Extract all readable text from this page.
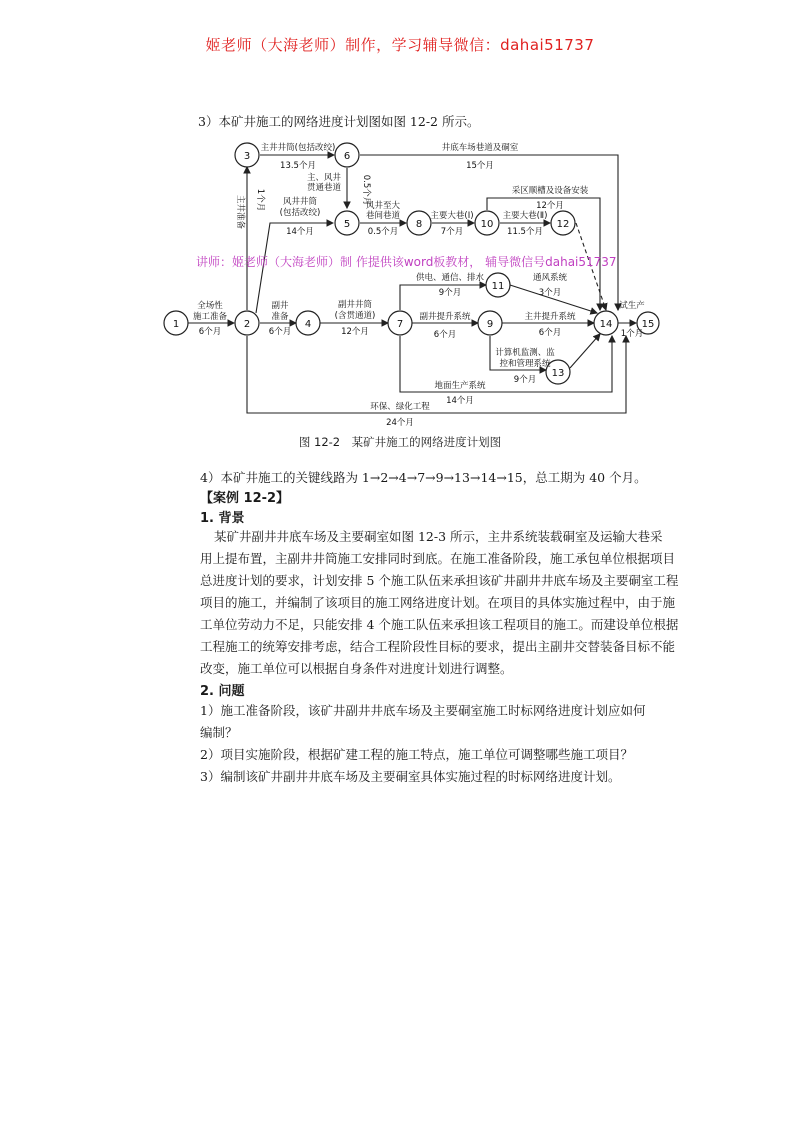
姬老师（大海老师）制作，学习辅导微信：dahai51737
3）本矿井施工的网络进度计划图如图 12-2 所示。
1	2
3
4
5
6
7
8
9
10
11
12
13
14	15
全场性
施工准备
6个月
副井
准备
6个月
副井井筒
(含贯通道)
12个月
副井提升系统
6个月
主井提升系统
6个月
试生产
1个月
主井准备 1个月
主井井筒(包括改绞)
13.5个月
井底车场巷道及硐室
15个月
主、风井
贯通巷道 0.5个月
风井井筒
(包括改绞)
14个月
风井至大
巷间巷道
0.5个月
主要大巷(Ⅰ)
7个月
主要大巷(Ⅱ)
11.5个月
采区顺槽及设备安装
12个月
供电、通信、排水
9个月
通风系统
3个月
计算机监测、监
控和管理系统
9个月
地面生产系统
14个月
环保、绿化工程
24个月
讲师：姬老师（大海老师）制 作提供该word板教材， 辅导微信号dahai51737
图 12-2　某矿井施工的网络进度计划图
4）本矿井施工的关键线路为 1→2→4→7→9→13→14→15，总工期为 40 个月。
【案例 12-2】
1. 背景
某矿井副井井底车场及主要硐室如图 12-3 所示，主井系统装载硐室及运输大巷采
用上提布置，主副井井筒施工安排同时到底。在施工准备阶段，施工承包单位根据项目
总进度计划的要求，计划安排 5 个施工队伍来承担该矿井副井井底车场及主要硐室工程
项目的施工，并编制了该项目的施工网络进度计划。在项目的具体实施过程中，由于施
工单位劳动力不足，只能安排 4 个施工队伍来承担该工程项目的施工。而建设单位根据
工程施工的统筹安排考虑，结合工程阶段性目标的要求，提出主副井交替装备目标不能
改变，施工单位可以根据自身条件对进度计划进行调整。
2. 问题
1）施工准备阶段，该矿井副井井底车场及主要硐室施工时标网络进度计划应如何
编制？
2）项目实施阶段，根据矿建工程的施工特点，施工单位可调整哪些施工项目？
3）编制该矿井副井井底车场及主要硐室具体实施过程的时标网络进度计划。
